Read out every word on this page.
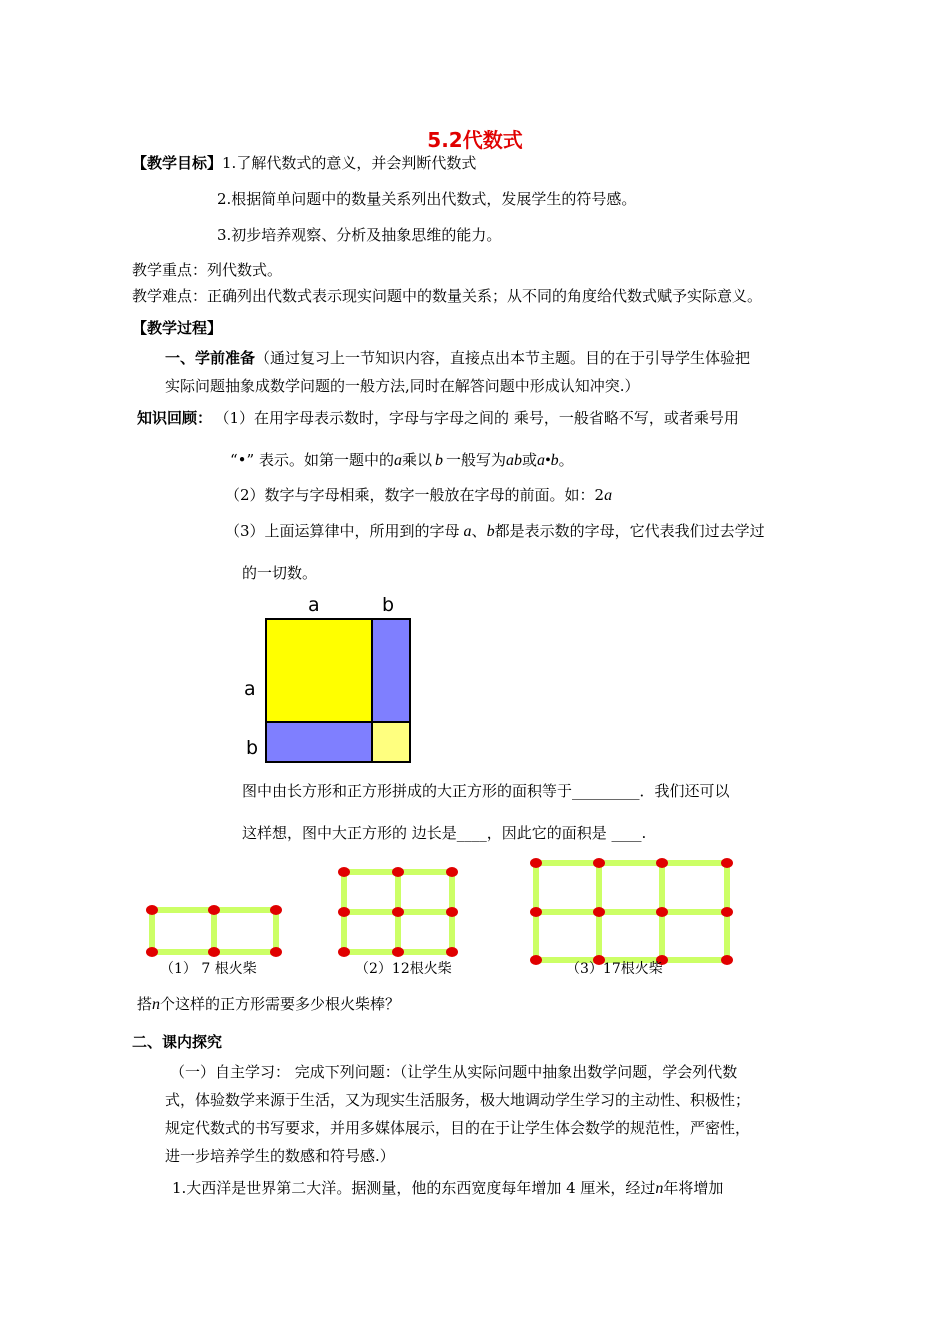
5.2代数式
【教学目标】1.了解代数式的意义，并会判断代数式
2.根据简单问题中的数量关系列出代数式，发展学生的符号感。
3.初步培养观察、分析及抽象思维的能力。
教学重点：列代数式。
教学难点：正确列出代数式表示现实问题中的数量关系；从不同的角度给代数式赋予实际意义。
【教学过程】
一、学前准备（通过复习上一节知识内容，直接点出本节主题。目的在于引导学生体验把
实际问题抽象成数学问题的一般方法,同时在解答问题中形成认知冲突.）
知识回顾： （1）在用字母表示数时，字母与字母之间的 乘号，一般省略不写，或者乘号用
“•” 表示。如第一题中的a乘以 b 一般写为ab或a•b。
（2）数字与字母相乘，数字一般放在字母的前面。如：2a
（3）上面运算律中，所用到的字母 a、b都是表示数的字母，它代表我们过去学过
的一切数。
a	b
a
b
图中由长方形和正方形拼成的大正方形的面积等于_________．我们还可以
这样想，图中大正方形的 边长是____，因此它的面积是 ____.
（1） 7 根火柴	（2）12根火柴	（3）17根火柴
搭n个这样的正方形需要多少根火柴棒？
二、课内探究
（一）自主学习： 完成下列问题：（让学生从实际问题中抽象出数学问题，学会列代数
式，体验数学来源于生活，又为现实生活服务，极大地调动学生学习的主动性、积极性；
规定代数式的书写要求，并用多媒体展示，目的在于让学生体会数学的规范性，严密性，
进一步培养学生的数感和符号感.）
1.大西洋是世界第二大洋。据测量，他的东西宽度每年增加 4 厘米，经过n年将增加
